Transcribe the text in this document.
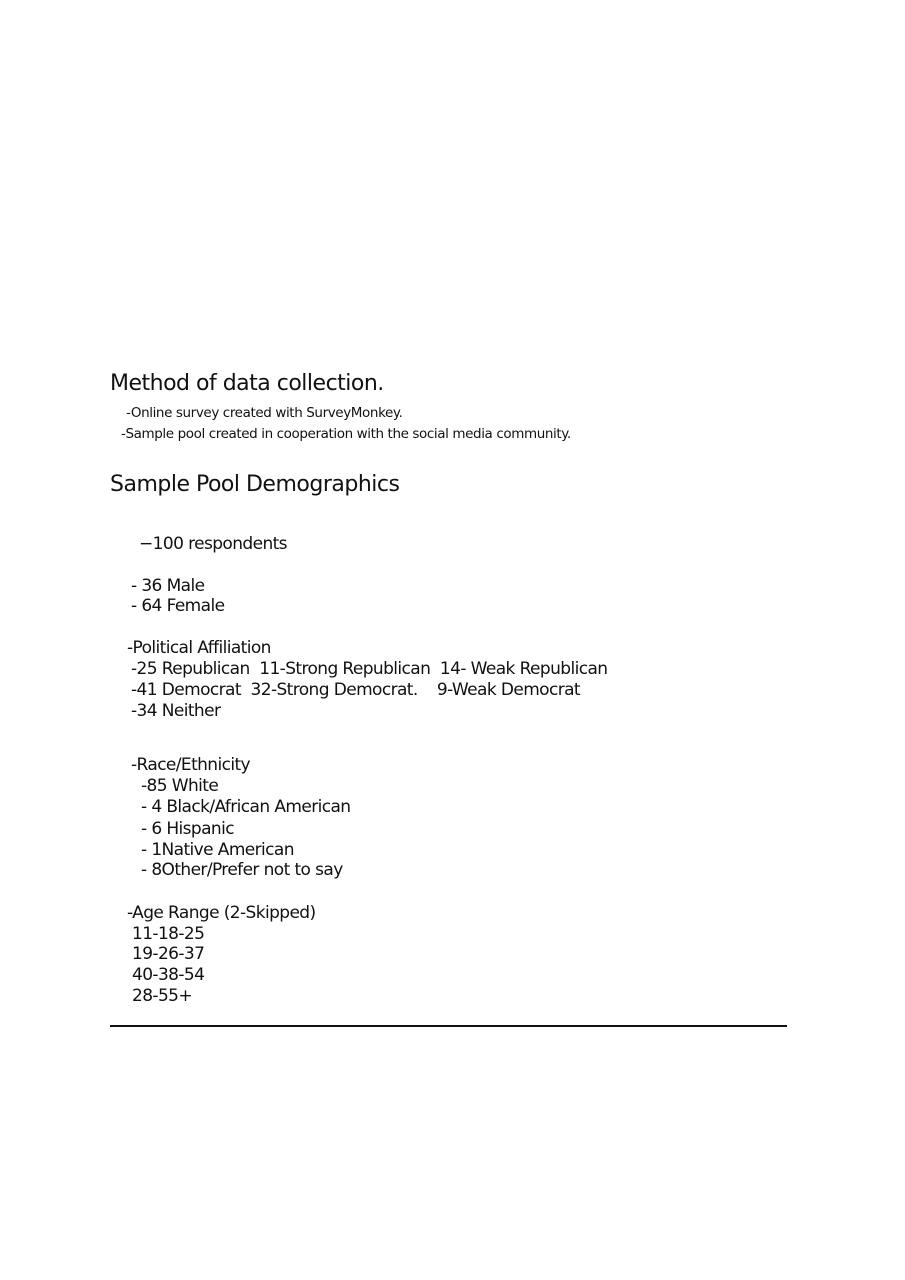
Method of data collection.
-Online survey created with SurveyMonkey.
-Sample pool created in cooperation with the social media community.
Sample Pool Demographics
−100 respondents
- 36 Male
- 64 Female
-Political Affiliation
-25 Republican  11-Strong Republican  14- Weak Republican
-41 Democrat  32-Strong Democrat.    9-Weak Democrat
-34 Neither
-Race/Ethnicity
-85 White
- 4 Black/African American
- 6 Hispanic
- 1Native American
- 8Other/Prefer not to say
-Age Range (2-Skipped)
11-18-25
19-26-37
40-38-54
28-55+
